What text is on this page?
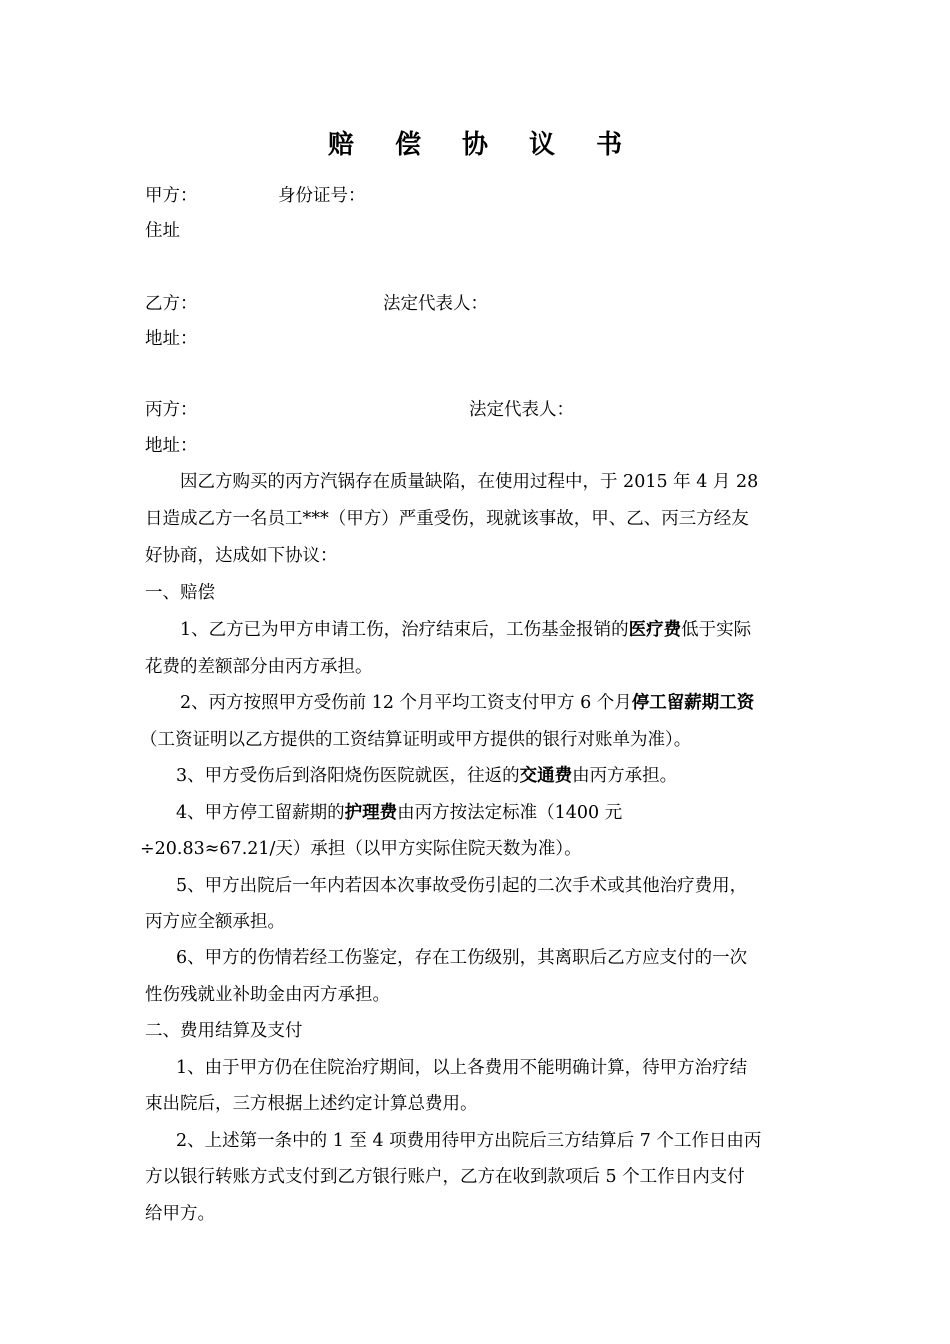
赔 偿 协 议 书
甲方：	身份证号：
住址
乙方：	法定代表人：
地址：
丙方：	法定代表人：
地址：
因乙方购买的丙方汽锅存在质量缺陷，在使用过程中，于 2015 年 4 月 28
日造成乙方一名员工***（甲方）严重受伤，现就该事故，甲、乙、丙三方经友
好协商，达成如下协议：
一、赔偿
1、乙方已为甲方申请工伤，治疗结束后，工伤基金报销的医疗费低于实际
花费的差额部分由丙方承担。
2、丙方按照甲方受伤前 12 个月平均工资支付甲方 6 个月停工留薪期工资
（工资证明以乙方提供的工资结算证明或甲方提供的银行对账单为准）。
3、甲方受伤后到洛阳烧伤医院就医，往返的交通费由丙方承担。
4、甲方停工留薪期的护理费由丙方按法定标准（1400 元
÷20.83≈67.21/天）承担（以甲方实际住院天数为准）。
5、甲方出院后一年内若因本次事故受伤引起的二次手术或其他治疗费用，
丙方应全额承担。
6、甲方的伤情若经工伤鉴定，存在工伤级别，其离职后乙方应支付的一次
性伤残就业补助金由丙方承担。
二、费用结算及支付
1、由于甲方仍在住院治疗期间，以上各费用不能明确计算，待甲方治疗结
束出院后，三方根据上述约定计算总费用。
2、上述第一条中的 1 至 4 项费用待甲方出院后三方结算后 7 个工作日由丙
方以银行转账方式支付到乙方银行账户，乙方在收到款项后 5 个工作日内支付
给甲方。
